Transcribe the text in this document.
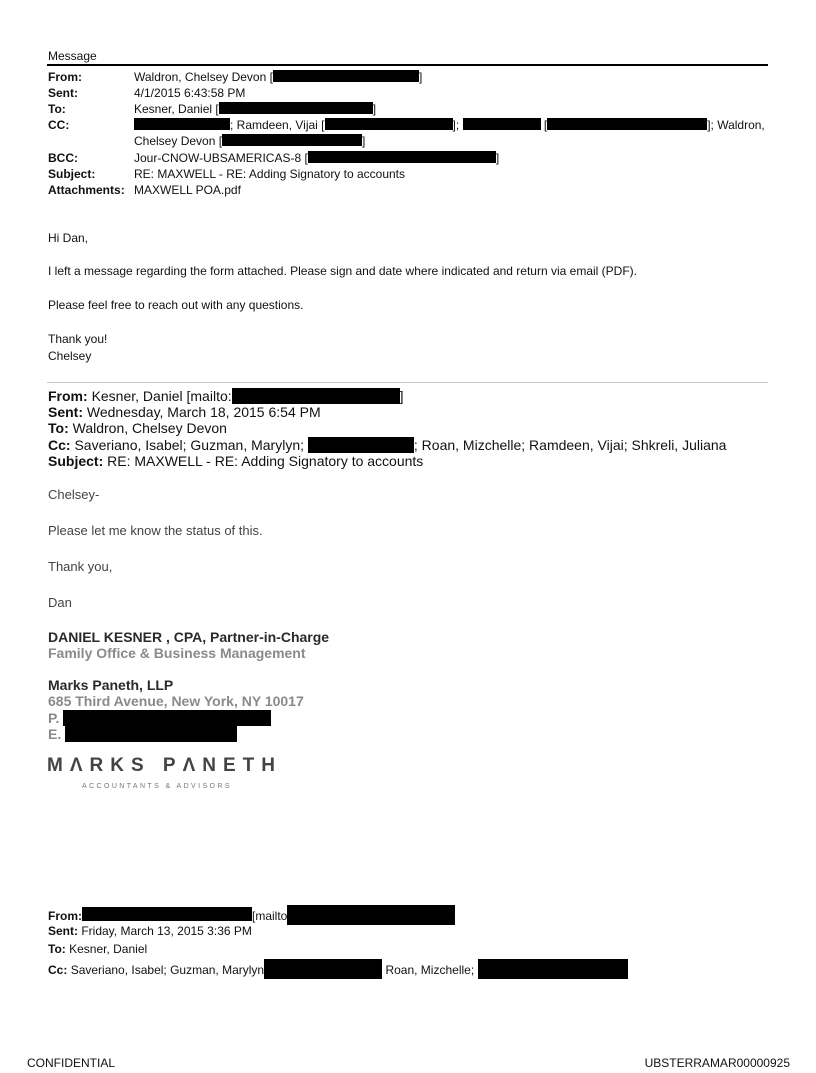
Message
From:	Waldron, Chelsey Devon [	]
Sent:	4/1/2015 6:43:58 PM
To:	Kesner, Daniel [	]
CC:	; Ramdeen, Vijai [	];	[	]; Waldron,
Chelsey Devon [	]
BCC:	Jour-CNOW-UBSAMERICAS-8 [	]
Subject:	RE: MAXWELL - RE: Adding Signatory to accounts
Attachments: MAXWELL POA.pdf
Hi Dan,
I left a message regarding the form attached. Please sign and date where indicated and return via email (PDF).
Please feel free to reach out with any questions.
Thank you!
Chelsey
From: Kesner, Daniel [mailto:	]
Sent: Wednesday, March 18, 2015 6:54 PM
To: Waldron, Chelsey Devon
Cc: Saveriano, Isabel; Guzman, Marylyn;	; Roan, Mizchelle; Ramdeen, Vijai; Shkreli, Juliana
Subject: RE: MAXWELL - RE: Adding Signatory to accounts
Chelsey-
Please let me know the status of this.
Thank you,
Dan
DANIEL KESNER , CPA, Partner-in-Charge
Family Office & Business Management
Marks Paneth, LLP
685 Third Avenue, New York, NY 10017
P.
E.
MΛRKS PΛNETH
ACCOUNTANTS & ADVISORS
From:	[mailto
Sent: Friday, March 13, 2015 3:36 PM
To: Kesner, Daniel
Cc: Saveriano, Isabel; Guzman, Marylyn	Roan, Mizchelle;
CONFIDENTIAL	UBSTERRAMAR00000925
